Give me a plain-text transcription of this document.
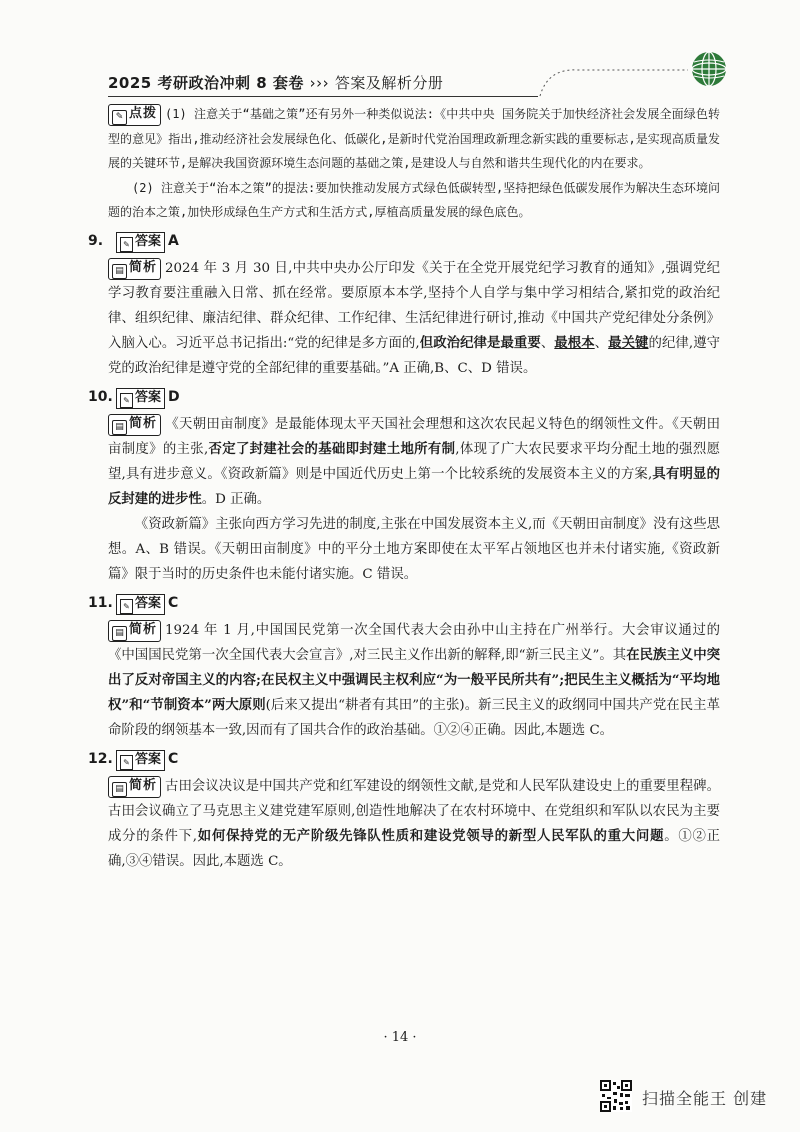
2025 考研政治冲刺 8 套卷 ››› 答案及解析分册

✎ 点拨 (1) 注意关于“基础之策”还有另外一种类似说法:《中共中央 国务院关于加快经济社会发展全面绿色转型的意见》指出,推动经济社会发展绿色化、低碳化,是新时代党治国理政新理念新实践的重要标志,是实现高质量发展的关键环节,是解决我国资源环境生态问题的基础之策,是建设人与自然和谐共生现代化的内在要求。

(2) 注意关于“治本之策”的提法:要加快推动发展方式绿色低碳转型,坚持把绿色低碳发展作为解决生态环境问题的治本之策,加快形成绿色生产方式和生活方式,厚植高质量发展的绿色底色。

9.	✎ 答案 A

▤ 简析 2024 年 3 月 30 日,中共中央办公厅印发《关于在全党开展党纪学习教育的通知》,强调党纪学习教育要注重融入日常、抓在经常。要原原本本学,坚持个人自学与集中学习相结合,紧扣党的政治纪律、组织纪律、廉洁纪律、群众纪律、工作纪律、生活纪律进行研讨,推动《中国共产党纪律处分条例》入脑入心。习近平总书记指出:“党的纪律是多方面的,但政治纪律是最重要、最根本、最关键的纪律,遵守党的政治纪律是遵守党的全部纪律的重要基础。”A 正确,B、C、D 错误。

10. ✎ 答案 D

▤ 简析 《天朝田亩制度》是最能体现太平天国社会理想和这次农民起义特色的纲领性文件。《天朝田亩制度》的主张,否定了封建社会的基础即封建土地所有制,体现了广大农民要求平均分配土地的强烈愿望,具有进步意义。《资政新篇》则是中国近代历史上第一个比较系统的发展资本主义的方案,具有明显的反封建的进步性。D 正确。

《资政新篇》主张向西方学习先进的制度,主张在中国发展资本主义,而《天朝田亩制度》没有这些思想。A、B 错误。《天朝田亩制度》中的平分土地方案即使在太平军占领地区也并未付诸实施,《资政新篇》限于当时的历史条件也未能付诸实施。C 错误。

11. ✎ 答案 C

▤ 简析 1924 年 1 月,中国国民党第一次全国代表大会由孙中山主持在广州举行。大会审议通过的《中国国民党第一次全国代表大会宣言》,对三民主义作出新的解释,即“新三民主义”。其在民族主义中突出了反对帝国主义的内容;在民权主义中强调民主权利应“为一般平民所共有”;把民生主义概括为“平均地权”和“节制资本”两大原则(后来又提出“耕者有其田”的主张)。新三民主义的政纲同中国共产党在民主革命阶段的纲领基本一致,因而有了国共合作的政治基础。①②④正确。因此,本题选 C。

12. ✎ 答案 C

▤ 简析 古田会议决议是中国共产党和红军建设的纲领性文献,是党和人民军队建设史上的重要里程碑。古田会议确立了马克思主义建党建军原则,创造性地解决了在农村环境中、在党组织和军队以农民为主要成分的条件下,如何保持党的无产阶级先锋队性质和建设党领导的新型人民军队的重大问题。①②正确,③④错误。因此,本题选 C。

· 14 ·
扫描全能王 创建
